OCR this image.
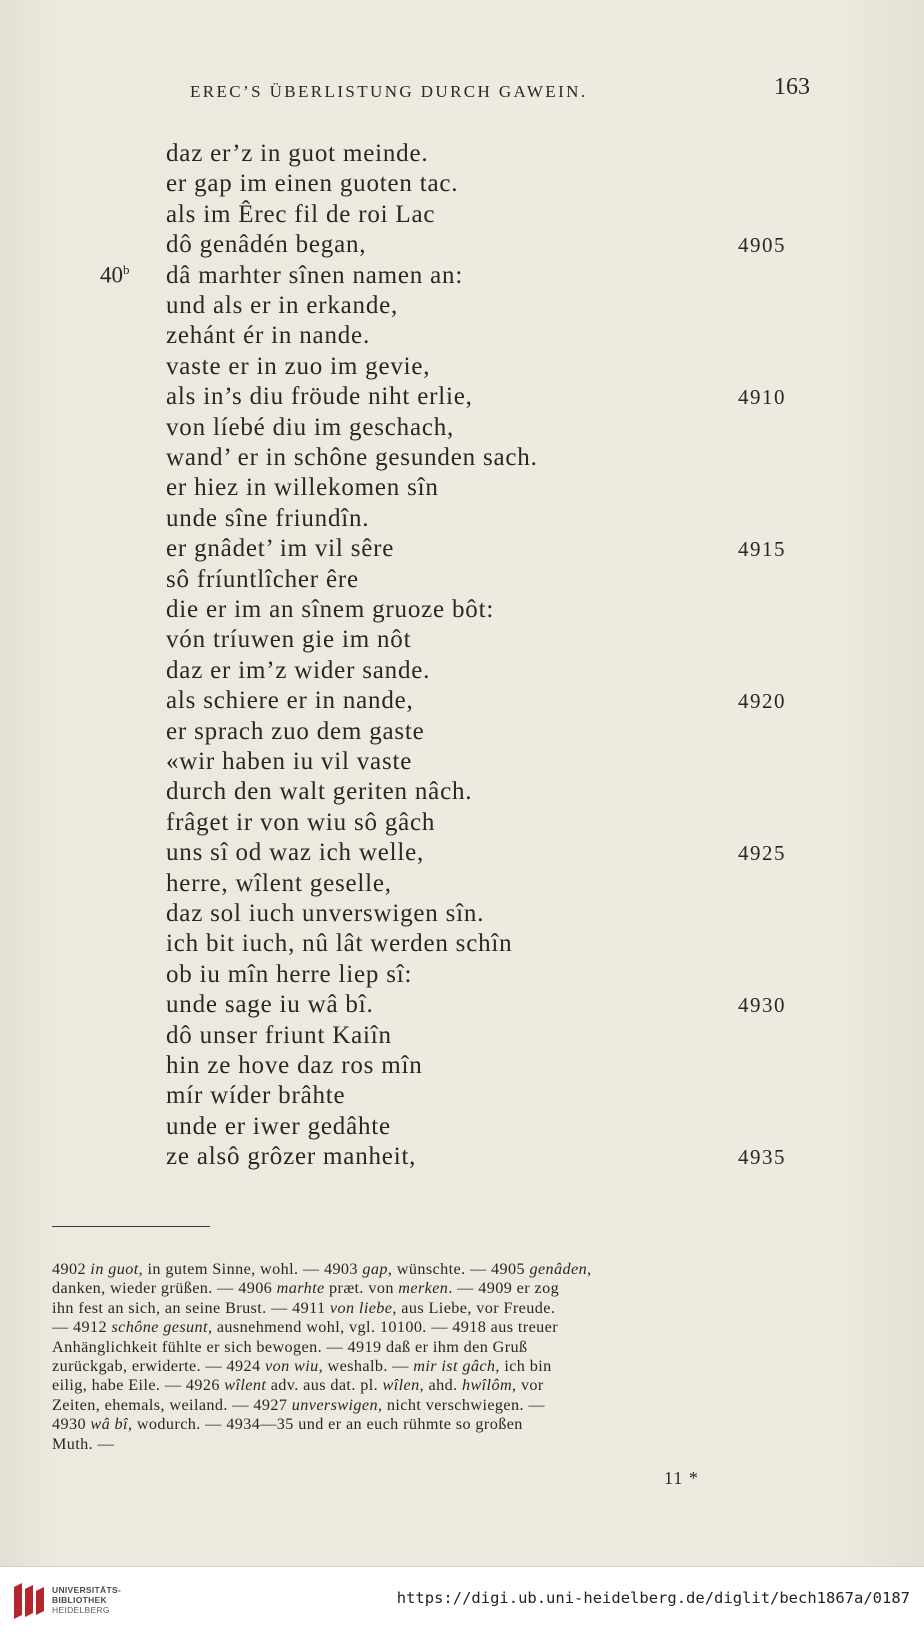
EREC’S ÜBERLISTUNG DURCH GAWEIN.	163
daz er’z in guot meinde.
er gap im einen guoten tac.
als im Êrec fil de roi Lac
dô genâdén began,	4905
dâ marhter sînen namen an:
40$^b$
und als er in erkande,
zehánt ér in nande.
vaste er in zuo im gevie,
als in’s diu fröude niht erlie,	4910
von líebé diu im geschach,
wand’ er in schône gesunden sach.
er hiez in willekomen sîn
unde sîne friundîn.
er gnâdet’ im vil sêre	4915
sô fríuntlîcher êre
die er im an sînem gruoze bôt:
vón tríuwen gie im nôt
daz er im’z wider sande.
als schiere er in nande,	4920
er sprach zuo dem gaste
«wir haben iu vil vaste
durch den walt geriten nâch.
frâget ir von wiu sô gâch
uns sî od waz ich welle,	4925
herre, wîlent geselle,
daz sol iuch unverswigen sîn.
ich bit iuch, nû lât werden schîn
ob iu mîn herre liep sî:
unde sage iu wâ bî.	4930
dô unser friunt Kaiîn
hin ze hove daz ros mîn
mír wíder brâhte
unde er iwer gedâhte
ze alsô grôzer manheit,	4935
4902 in guot, in gutem Sinne, wohl. — 4903 gap, wünschte. — 4905 genâden,
danken, wieder grüßen. — 4906 marhte præt. von merken. — 4909 er zog
ihn fest an sich, an seine Brust. — 4911 von liebe, aus Liebe, vor Freude.
— 4912 schône gesunt, ausnehmend wohl, vgl. 10100. — 4918 aus treuer
Anhänglichkeit fühlte er sich bewogen. — 4919 daß er ihm den Gruß
zurückgab, erwiderte. — 4924 von wiu, weshalb. — mir ist gâch, ich bin
eilig, habe Eile. — 4926 wîlent adv. aus dat. pl. wîlen, ahd. hwîlôm, vor
Zeiten, ehemals, weiland. — 4927 unverswigen, nicht verschwiegen. —
4930 wâ bî, wodurch. — 4934—35 und er an euch rühmte so großen
Muth. —
11 *
UNIVERSITÄTS-
BIBLIOTHEK
HEIDELBERG
https://digi.ub.uni-heidelberg.de/diglit/bech1867a/0187
